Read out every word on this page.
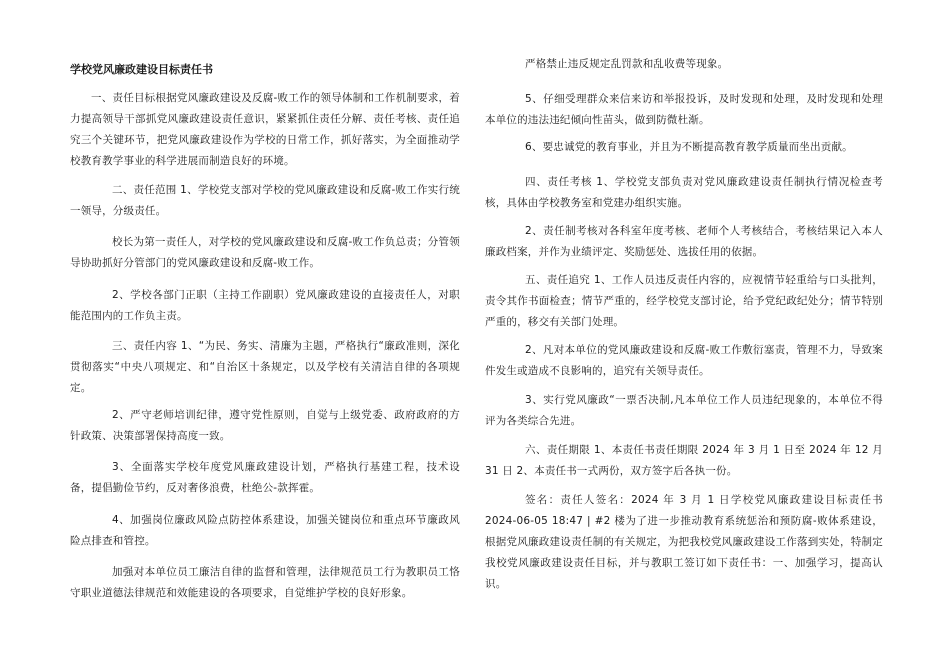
学校党风廉政建设目标责任书

一、责任目标根据党风廉政建设及反腐-败工作的领导体制和工作机制要求，着力提高领导干部抓党风廉政建设责任意识，紧紧抓住责任分解、责任考核、责任追究三个关键环节，把党风廉政建设作为学校的日常工作，抓好落实，为全面推动学校教育教学事业的科学进展而制造良好的环境。

二、责任范围 1、学校党支部对学校的党风廉政建设和反腐-败工作实行统一领导，分级责任。

校长为第一责任人，对学校的党风廉政建设和反腐-败工作负总责；分管领导协助抓好分管部门的党风廉政建设和反腐-败工作。

2、学校各部门正职（主持工作副职）党风廉政建设的直接责任人，对职能范围内的工作负主责。

三、责任内容 1、“为民、务实、清廉为主题，严格执行“廉政准则，深化贯彻落实“中央八项规定、和“自治区十条规定，以及学校有关清洁自律的各项规定。

2、严守老师培训纪律，遵守党性原则，自觉与上级党委、政府政府的方针政策、决策部署保持高度一致。

3、全面落实学校年度党风廉政建设计划，严格执行基建工程，技术设备，提倡勤俭节约，反对奢侈浪费，杜绝公-款挥霍。

4、加强岗位廉政风险点防控体系建设，加强关键岗位和重点环节廉政风险点排查和管控。

加强对本单位员工廉洁自律的监督和管理，法律规范员工行为教职员工恪守职业道德法律规范和效能建设的各项要求，自觉维护学校的良好形象。

严格禁止违反规定乱罚款和乱收费等现象。

5、仔细受理群众来信来访和举报投诉，及时发现和处理，及时发现和处理本单位的违法违纪倾向性苗头，做到防微杜渐。

6、要忠诚党的教育事业，并且为不断提高教育教学质量而坐出贡献。

四、责任考核 1、学校党支部负责对党风廉政建设责任制执行情况检查考核，具体由学校教务室和党建办组织实施。

2、责任制考核对各科室年度考核、老师个人考核结合，考核结果记入本人廉政档案，并作为业绩评定、奖励惩处、选拔任用的依据。

五、责任追究 1、工作人员违反责任内容的，应视情节轻重给与口头批判，责令其作书面检查；情节严重的，经学校党支部讨论，给予党纪政纪处分；情节特别严重的，移交有关部门处理。

2、凡对本单位的党风廉政建设和反腐-败工作敷衍塞责，管理不力，导致案件发生或造成不良影响的，追究有关领导责任。

3、实行党风廉政“一票否决制,凡本单位工作人员违纪现象的，本单位不得评为各类综合先进。

六、责任期限 1、本责任书责任期限 2024 年 3 月 1 日至 2024 年 12 月 31 日 2、本责任书一式两份，双方签字后各执一份。

签名：责任人签名：2024 年 3 月 1 日学校党风廉政建设目标责任书 2024-06-05 18:47 | #2 楼为了进一步推动教育系统惩治和预防腐-败体系建设，根据党风廉政建设责任制的有关规定，为把我校党风廉政建设工作落到实处，特制定我校党风廉政建设责任目标，并与教职工签订如下责任书：一、加强学习，提高认识。
